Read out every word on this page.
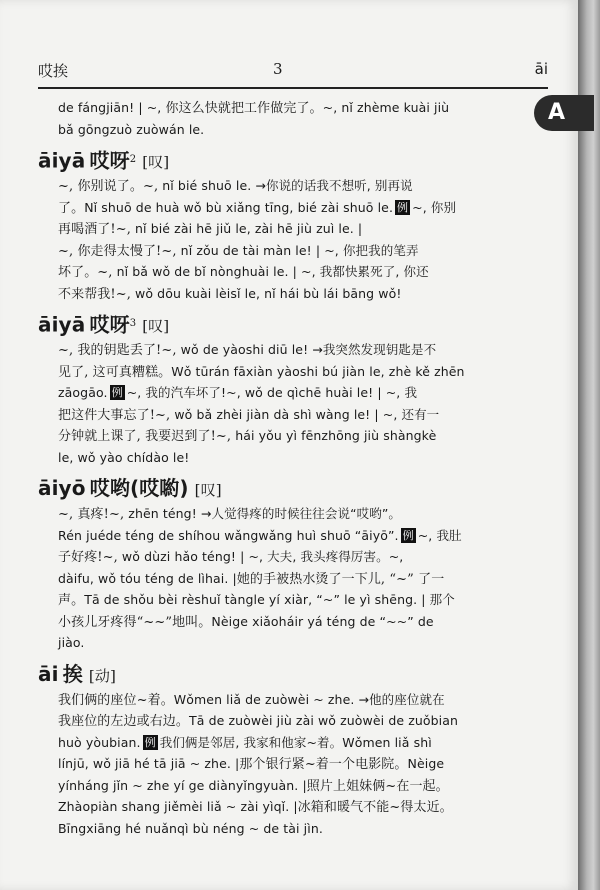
哎挨	3	āi
A
de fángjiān! | ~, 你这么快就把工作做完了。~, nǐ zhème kuài jiù
bǎ gōngzuò zuòwán le.
āiyā 哎呀$^2$ [叹]
~, 你别说了。~, nǐ bié shuō le. →你说的话我不想听, 别再说
了。Nǐ shuō de huà wǒ bù xiǎng tīng, bié zài shuō le. 例 ~, 你别
再喝酒了!~, nǐ bié zài hē jiǔ le, zài hē jiù zuì le. |
~, 你走得太慢了!~, nǐ zǒu de tài màn le! | ~, 你把我的笔弄
坏了。~, nǐ bǎ wǒ de bǐ nònghuài le. | ~, 我都快累死了, 你还
不来帮我!~, wǒ dōu kuài lèisǐ le, nǐ hái bù lái bāng wǒ!
āiyā 哎呀$^3$ [叹]
~, 我的钥匙丢了!~, wǒ de yàoshi diū le! →我突然发现钥匙是不
见了, 这可真糟糕。Wǒ tūrán fāxiàn yàoshi bú jiàn le, zhè kě zhēn
zāogāo. 例 ~, 我的汽车坏了!~, wǒ de qìchē huài le! | ~, 我
把这件大事忘了!~, wǒ bǎ zhèi jiàn dà shì wàng le! | ~, 还有一
分钟就上课了, 我要迟到了!~, hái yǒu yì fēnzhōng jiù shàngkè
le, wǒ yào chídào le!
āiyō 哎哟(哎喲) [叹]
~, 真疼!~, zhēn téng! →人觉得疼的时候往往会说“哎哟”。
Rén juéde téng de shíhou wǎngwǎng huì shuō “āiyō”. 例 ~, 我肚
子好疼!~, wǒ dùzi hǎo téng! | ~, 大夫, 我头疼得厉害。~,
dàifu, wǒ tóu téng de lìhai. |她的手被热水烫了一下儿, “~” 了一
声。Tā de shǒu bèi rèshuǐ tàngle yí xiàr, “~” le yì shēng. | 那个
小孩儿牙疼得“~~”地叫。Nèige xiǎoháir yá téng de “~~” de
jiào.
āi 挨 [动]
我们俩的座位~着。Wǒmen liǎ de zuòwèi ~ zhe. →他的座位就在
我座位的左边或右边。Tā de zuòwèi jiù zài wǒ zuòwèi de zuǒbian
huò yòubian. 例 我们俩是邻居, 我家和他家~着。Wǒmen liǎ shì
línjū, wǒ jiā hé tā jiā ~ zhe. |那个银行紧~着一个电影院。Nèige
yínháng jǐn ~ zhe yí ge diànyǐngyuàn. |照片上姐妹俩~在一起。
Zhàopiàn shang jiěmèi liǎ ~ zài yìqǐ. |冰箱和暖气不能~得太近。
Bīngxiāng hé nuǎnqì bù néng ~ de tài jìn.
